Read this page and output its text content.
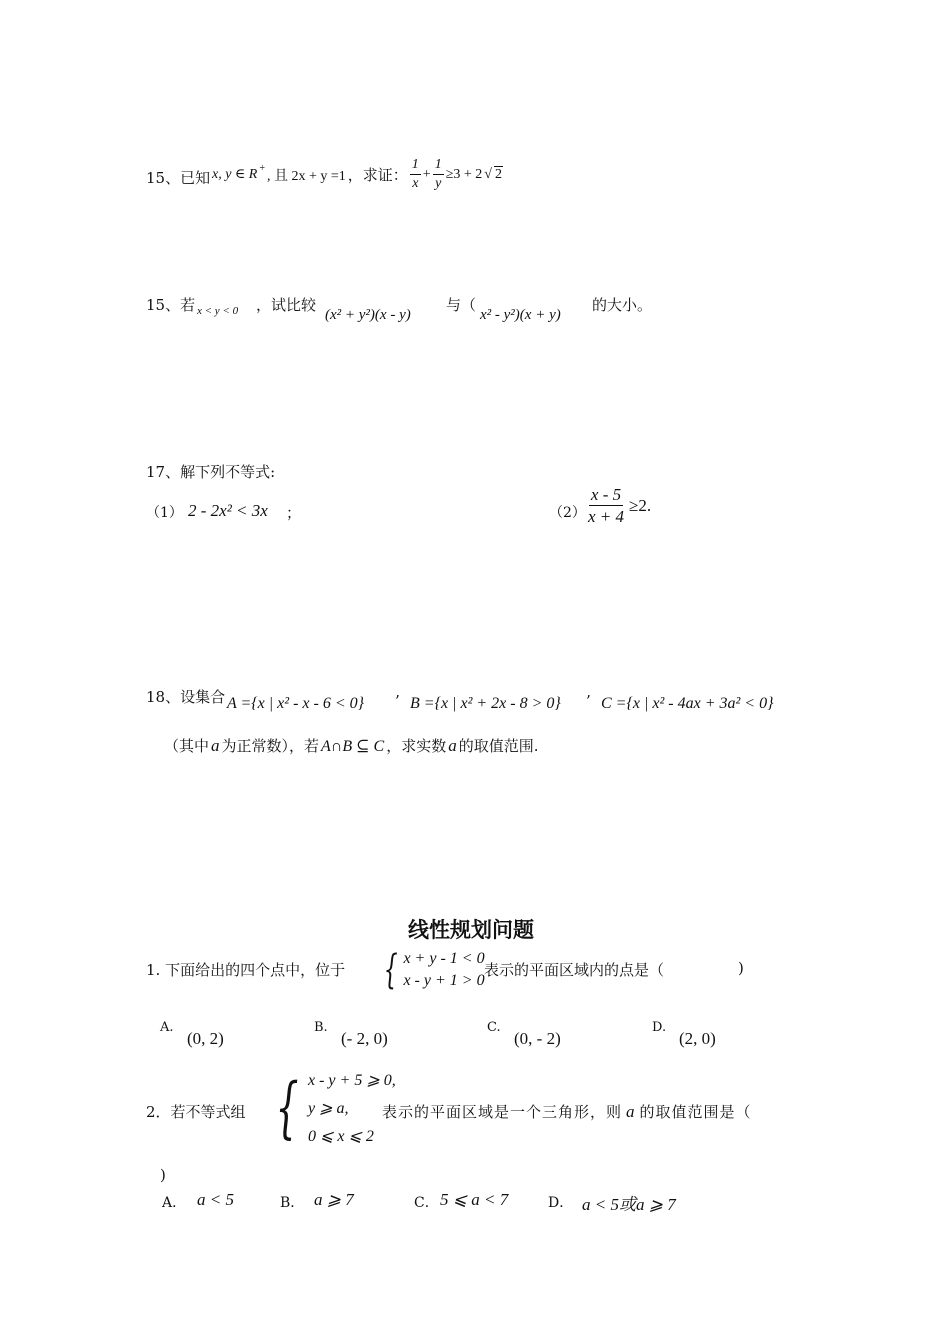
15、已知 x, y ∈ R+ , 且 2x + y =1 ，求证： $\frac{1}{x} + \frac{1}{y} \ge 3 + 2$ √ 2
15、若 x < y < 0 ，试比较
(x² + y²)(x - y)
与（
x² - y²)(x + y)
的大小。
17、解下列不等式:
（1） 2 - 2x² < 3x ；	$(2) \frac{x - 5}{x + 4} \ge 2$.
18、设集合 A ={x | x² - x - 6 < 0} ’ B ={x | x² + 2x - 8 > 0} ’ C ={x | x² - 4ax + 3a² < 0}
（其中 a 为正常数），若 A∩B ⊆ C ，求实数 a 的取值范围.
线性规划问题
1. 下面给出的四个点中，位于 { x + y - 1 < 0
x - y + 1 > 0
表示的平面区域内的点是（	)
A.
(0, 2)
B.
(- 2, 0)
C.
(0, - 2)
D.
(2, 0)
2．若不等式组 { x - y + 5 ⩾ 0,
y ⩾ a,
0 ⩽ x ⩽ 2
表示的平面区域是一个三角形，则 a 的取值范围是（
)
A． a < 5	B． a ⩾ 7	C． 5 ⩽ a < 7	D． a < 5或a ⩾ 7
